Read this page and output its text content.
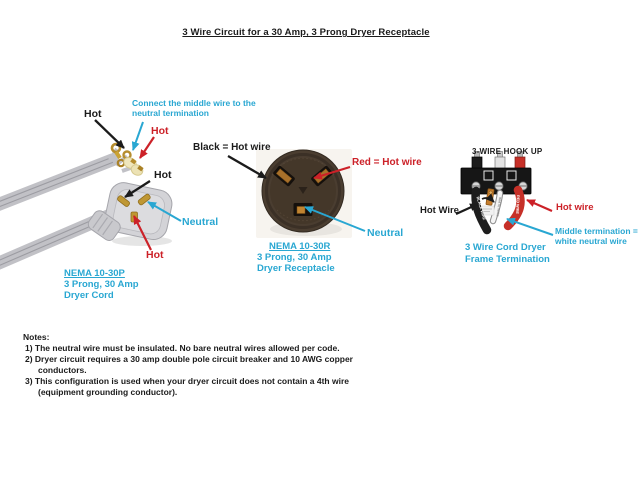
WHITE WIRE
BLACK WIRE	RED WIRE
3 Wire Circuit for a 30 Amp, 3 Prong Dryer Receptacle
Hot
Connect the middle wire to the
neutral termination
Hot
Hot
Neutral
Hot
NEMA 10-30P
3 Prong, 30 Amp
Dryer Cord
Black = Hot wire
Red = Hot wire
Neutral
NEMA 10-30R
3 Prong, 30 Amp
Dryer Receptacle
3-WIRE HOOK UP
Hot Wire	Hot wire
Middle termination =
white neutral wire
3 Wire Cord Dryer
Frame Termination
Notes:
1) The neutral wire must be insulated. No bare neutral wires allowed per code.
2) Dryer circuit requires a 30 amp double pole circuit breaker and 10 AWG copper
conductors.
3) This configuration is used when your dryer circuit does not contain a 4th wire
(equipment grounding conductor).
